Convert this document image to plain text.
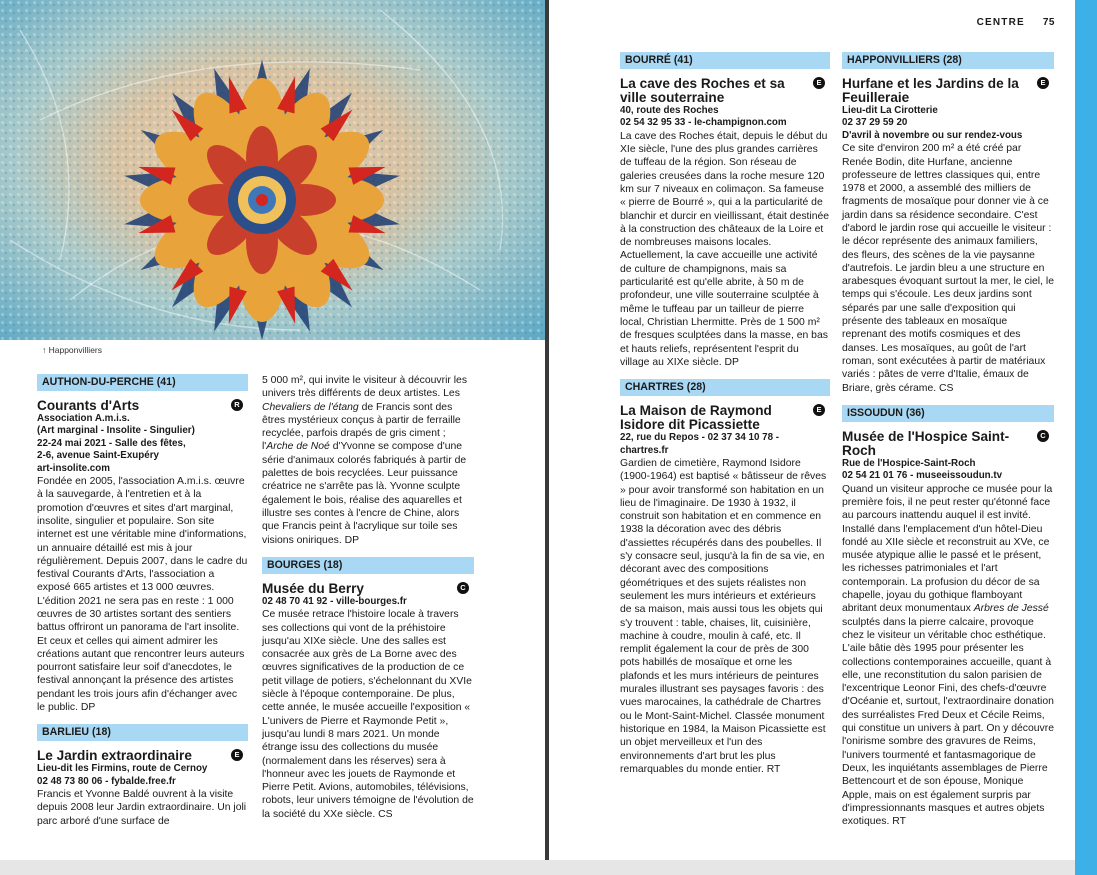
↑ Happonvilliers
AUTHON-DU-PERCHE (41)
Courants d'Arts	R
Association A.m.i.s.
(Art marginal - Insolite - Singulier)
22-24 mai 2021 - Salle des fêtes,
2-6, avenue Saint-Exupéry
art-insolite.com

Fondée en 2005, l'association A.m.i.s. œuvre à la sauvegarde, à l'entretien et à la promotion d'œuvres et sites d'art marginal, insolite, singulier et populaire. Son site internet est une véritable mine d'informations, un annuaire détaillé est mis à jour régulièrement. Depuis 2007, dans le cadre du festival Courants d'Arts, l'association a exposé 665 artistes et 13 000 œuvres. L'édition 2021 ne sera pas en reste : 1 000 œuvres de 30 artistes sortant des sentiers battus offriront un panorama de l'art insolite. Et ceux et celles qui aiment admirer les créations autant que rencontrer leurs auteurs pourront satisfaire leur soif d'anecdotes, le festival annonçant la présence des artistes pendant les trois jours afin d'échanger avec le public. DP

BARLIEU (18)
Le Jardin extraordinaire	E
Lieu-dit les Firmins, route de Cernoy
02 48 73 80 06 - fybalde.free.fr

Francis et Yvonne Baldé ouvrent à la visite depuis 2008 leur Jardin extraordinaire. Un joli parc arboré d'une surface de

5 000 m², qui invite le visiteur à découvrir les univers très différents de deux artistes. Les Chevaliers de l'étang de Francis sont des êtres mystérieux conçus à partir de ferraille recyclée, parfois drapés de gris ciment ; l'Arche de Noé d'Yvonne se compose d'une série d'animaux colorés fabriqués à partir de palettes de bois recyclées. Leur puissance créatrice ne s'arrête pas là. Yvonne sculpte également le bois, réalise des aquarelles et illustre ses contes à l'encre de Chine, alors que Francis peint à l'acrylique sur toile ses visions oniriques. DP

BOURGES (18)
Musée du Berry	C
02 48 70 41 92 - ville-bourges.fr

Ce musée retrace l'histoire locale à travers ses collections qui vont de la préhistoire jusqu'au XIXe siècle. Une des salles est consacrée aux grès de La Borne avec des œuvres significatives de la production de ce petit village de potiers, s'échelonnant du XVIe siècle à l'époque contemporaine. De plus, cette année, le musée accueille l'exposition « L'univers de Pierre et Raymonde Petit », jusqu'au lundi 8 mars 2021. Un monde étrange issu des collections du musée (normalement dans les réserves) sera à l'honneur avec les jouets de Raymonde et Pierre Petit. Avions, automobiles, télévisions, robots, leur univers témoigne de l'évolution de la société du XXe siècle. CS

CENTRE 75
BOURRÉ (41)
La cave des Roches et sa ville souterraine
E
40, route des Roches
02 54 32 95 33 - le-champignon.com

La cave des Roches était, depuis le début du XIe siècle, l'une des plus grandes carrières de tuffeau de la région. Son réseau de galeries creusées dans la roche mesure 120 km sur 7 niveaux en colimaçon. Sa fameuse « pierre de Bourré », qui a la particularité de blanchir et durcir en vieillissant, était destinée à la construction des châteaux de la Loire et de nombreuses maisons locales. Actuellement, la cave accueille une activité de culture de champignons, mais sa particularité est qu'elle abrite, à 50 m de profondeur, une ville souterraine sculptée à même le tuffeau par un tailleur de pierre local, Christian Lhermitte. Près de 1 500 m² de fresques sculptées dans la masse, en bas et hauts reliefs, représentent l'esprit du village au XIXe siècle. DP

CHARTRES (28)
La Maison de Raymond Isidore dit Picassiette
E
22, rue du Repos - 02 37 34 10 78 - chartres.fr

Gardien de cimetière, Raymond Isidore (1900-1964) est baptisé « bâtisseur de rêves » pour avoir transformé son habitation en un lieu de l'imaginaire. De 1930 à 1932, il construit son habitation et en commence en 1938 la décoration avec des débris d'assiettes récupérés dans des poubelles. Il s'y consacre seul, jusqu'à la fin de sa vie, en décorant avec des compositions géométriques et des sujets réalistes non seulement les murs intérieurs et extérieurs de sa maison, mais aussi tous les objets qui s'y trouvent : table, chaises, lit, cuisinière, machine à coudre, moulin à café, etc. Il remplit également la cour de près de 300 pots habillés de mosaïque et orne les plafonds et les murs intérieurs de peintures murales illustrant ses paysages favoris : des vues marocaines, la cathédrale de Chartres ou le Mont-Saint-Michel. Classée monument historique en 1984, la Maison Picassiette est un objet merveilleux et l'un des environnements d'art brut les plus remarquables du monde entier. RT

HAPPONVILLIERS (28)
Hurfane et les Jardins de la Feuilleraie
E
Lieu-dit La Cirotterie
02 37 29 59 20
D'avril à novembre ou sur rendez-vous

Ce site d'environ 200 m² a été créé par Renée Bodin, dite Hurfane, ancienne professeure de lettres classiques qui, entre 1978 et 2000, a assemblé des milliers de fragments de mosaïque pour donner vie à ce jardin dans sa résidence secondaire. C'est d'abord le jardin rose qui accueille le visiteur : le décor représente des animaux familiers, des fleurs, des scènes de la vie paysanne d'autrefois. Le jardin bleu a une structure en arabesques évoquant surtout la mer, le ciel, le temps qui s'écoule. Les deux jardins sont séparés par une salle d'exposition qui présente des tableaux en mosaïque reprenant des motifs cosmiques et des danses. Les mosaïques, au goût de l'art roman, sont exécutées à partir de matériaux variés : pâtes de verre d'Italie, émaux de Briare, grès cérame. CS

ISSOUDUN (36)
Musée de l'Hospice Saint-Roch
C
Rue de l'Hospice-Saint-Roch
02 54 21 01 76 - museeissoudun.tv

Quand un visiteur approche ce musée pour la première fois, il ne peut rester qu'étonné face au parcours inattendu auquel il est invité. Installé dans l'emplacement d'un hôtel-Dieu fondé au XIIe siècle et reconstruit au XVe, ce musée atypique allie le passé et le présent, les richesses patrimoniales et l'art contemporain. La profusion du décor de sa chapelle, joyau du gothique flamboyant abritant deux monumentaux Arbres de Jessé sculptés dans la pierre calcaire, provoque chez le visiteur un véritable choc esthétique. L'aile bâtie dès 1995 pour présenter les collections contemporaines accueille, quant à elle, une reconstitution du salon parisien de l'excentrique Leonor Fini, des chefs-d'œuvre d'Océanie et, surtout, l'extraordinaire donation des surréalistes Fred Deux et Cécile Reims, qui constitue un univers à part. On y découvre l'onirisme sombre des gravures de Reims, l'univers tourmenté et fantasmagorique de Deux, les inquiétants assemblages de Pierre Bettencourt et de son épouse, Monique Apple, mais on est également surpris par d'impressionnants masques et autres objets exotiques. RT
